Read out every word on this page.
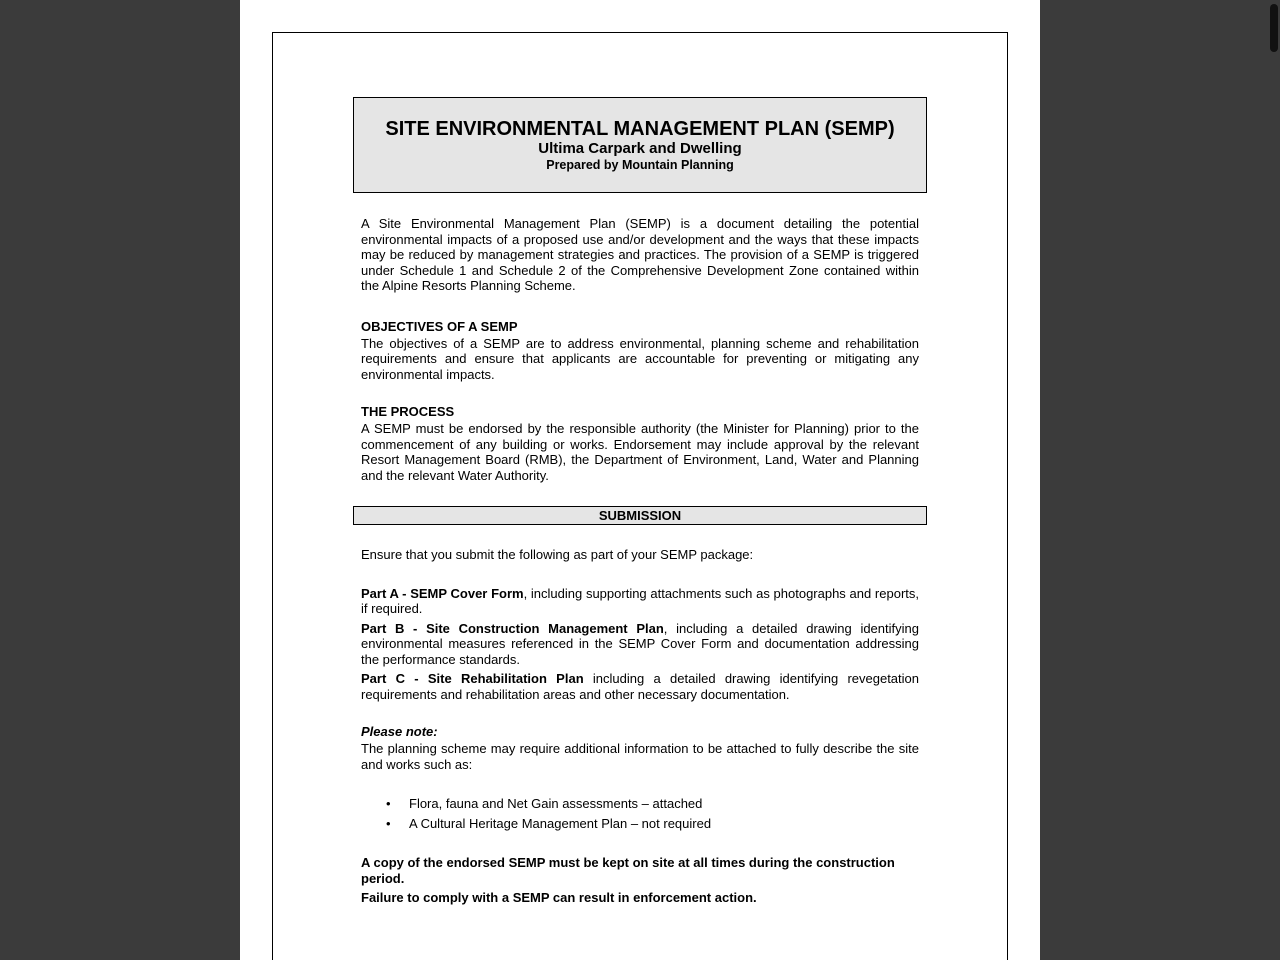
SITE ENVIRONMENTAL MANAGEMENT PLAN (SEMP)

Ultima Carpark and Dwelling

Prepared by Mountain Planning

A Site Environmental Management Plan (SEMP) is a document detailing the potential environmental impacts of a proposed use and/or development and the ways that these impacts may be reduced by management strategies and practices. The provision of a SEMP is triggered under Schedule 1 and Schedule 2 of the Comprehensive Development Zone contained within the Alpine Resorts Planning Scheme.

OBJECTIVES OF A SEMP

The objectives of a SEMP are to address environmental, planning scheme and rehabilitation requirements and ensure that applicants are accountable for preventing or mitigating any environmental impacts.

THE PROCESS

A SEMP must be endorsed by the responsible authority (the Minister for Planning) prior to the commencement of any building or works. Endorsement may include approval by the relevant Resort Management Board (RMB), the Department of Environment, Land, Water and Planning and the relevant Water Authority.

SUBMISSION

Ensure that you submit the following as part of your SEMP package:

Part A - SEMP Cover Form, including supporting attachments such as photographs and reports, if required.

Part B - Site Construction Management Plan, including a detailed drawing identifying environmental measures referenced in the SEMP Cover Form and documentation addressing the performance standards.

Part C - Site Rehabilitation Plan including a detailed drawing identifying revegetation requirements and rehabilitation areas and other necessary documentation.

Please note:

The planning scheme may require additional information to be attached to fully describe the site and works such as:

• Flora, fauna and Net Gain assessments – attached
• A Cultural Heritage Management Plan – not required

A copy of the endorsed SEMP must be kept on site at all times during the construction period.

Failure to comply with a SEMP can result in enforcement action.
